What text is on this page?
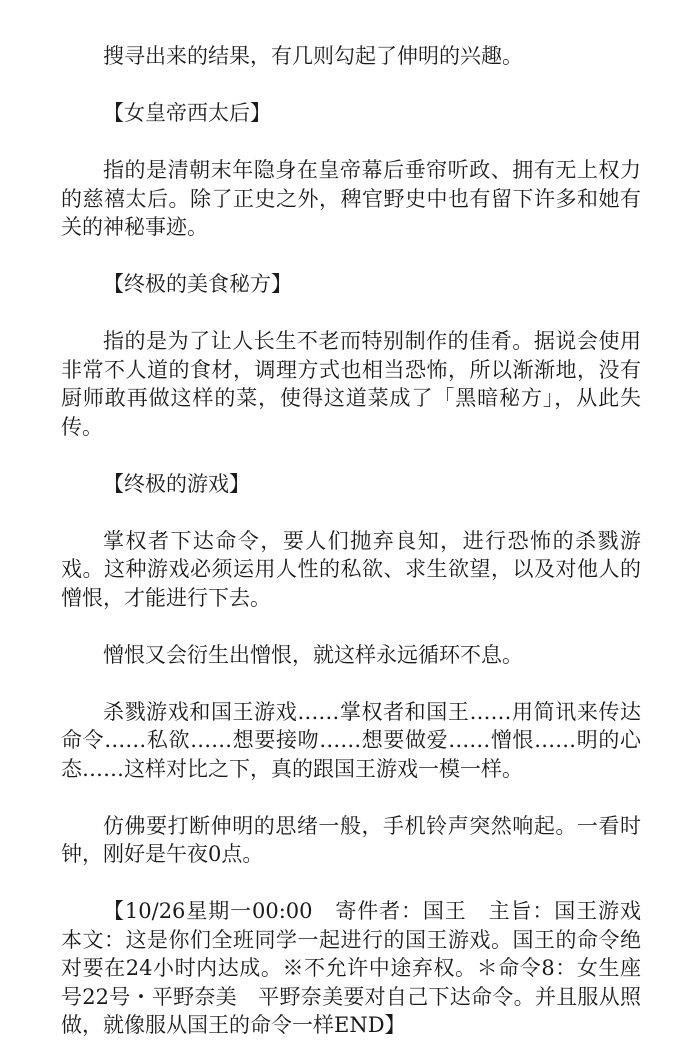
搜寻出来的结果，有几则勾起了伸明的兴趣。

【女皇帝西太后】

指的是清朝末年隐身在皇帝幕后垂帘听政、拥有无上权力的慈禧太后。除了正史之外，稗官野史中也有留下许多和她有关的神秘事迹。

【终极的美食秘方】

指的是为了让人长生不老而特别制作的佳肴。据说会使用非常不人道的食材，调理方式也相当恐怖，所以渐渐地，没有厨师敢再做这样的菜，使得这道菜成了「黑暗秘方」，从此失传。

【终极的游戏】

掌权者下达命令，要人们抛弃良知，进行恐怖的杀戮游戏。这种游戏必须运用人性的私欲、求生欲望，以及对他人的憎恨，才能进行下去。

憎恨又会衍生出憎恨，就这样永远循环不息。

杀戮游戏和国王游戏……掌权者和国王……用简讯来传达命令……私欲……想要接吻……想要做爱……憎恨……明的心态……这样对比之下，真的跟国王游戏一模一样。

仿佛要打断伸明的思绪一般，手机铃声突然响起。一看时钟，刚好是午夜0点。

【10/26星期一00:00　寄件者：国王　主旨：国王游戏　本文：这是你们全班同学一起进行的国王游戏。国王的命令绝对要在24小时内达成。※不允许中途弃权。＊命令8：女生座号22号・平野奈美　平野奈美要对自己下达命令。并且服从照做，就像服从国王的命令一样END】
